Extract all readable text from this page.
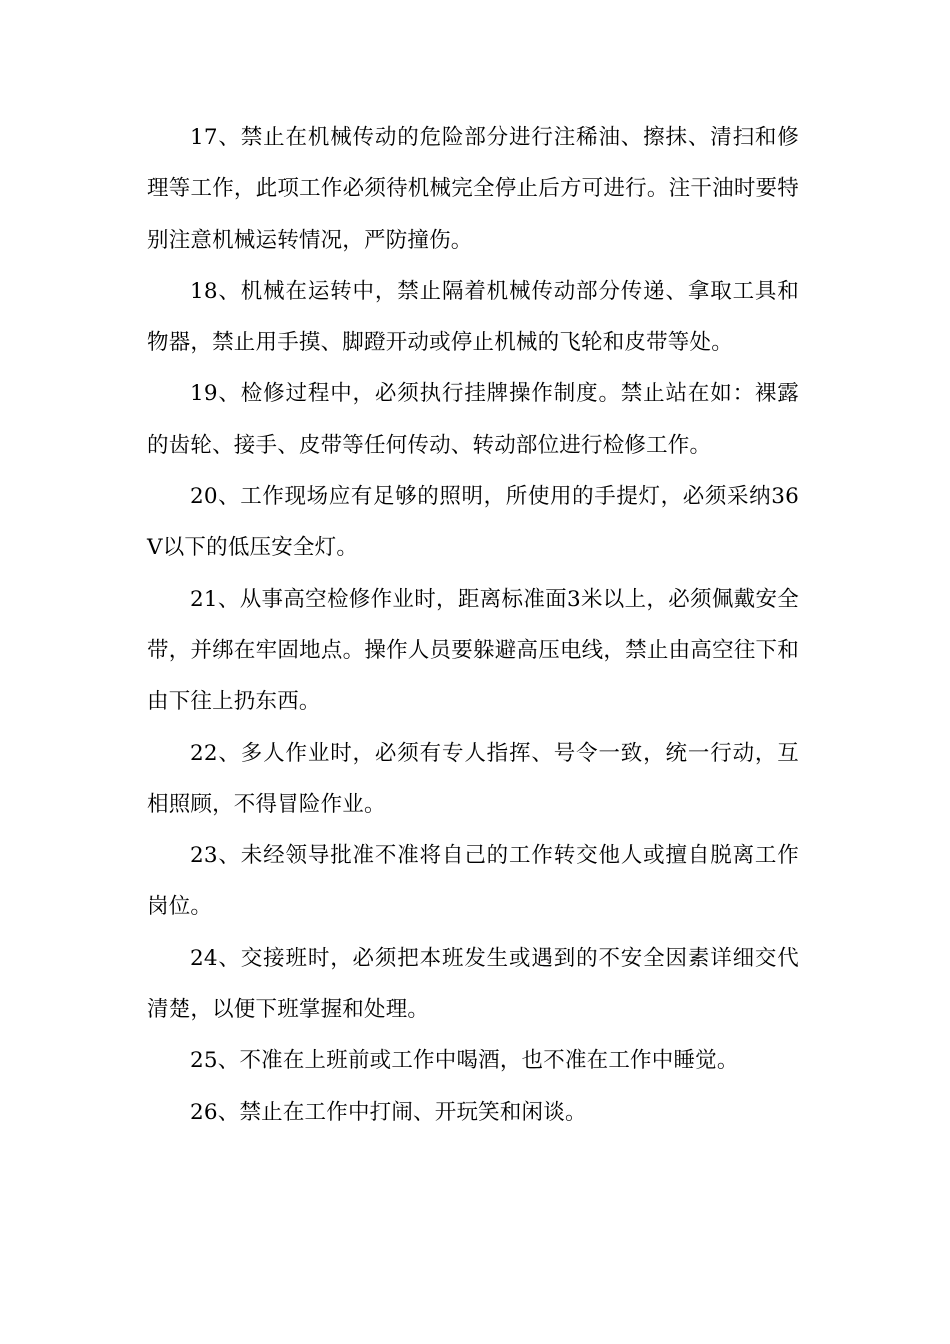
17、禁止在机械传动的危险部分进行注稀油、擦抹、清扫和修理等工作，此项工作必须待机械完全停止后方可进行。注干油时要特别注意机械运转情况，严防撞伤。

18、机械在运转中，禁止隔着机械传动部分传递、拿取工具和物器，禁止用手摸、脚蹬开动或停止机械的飞轮和皮带等处。

19、检修过程中，必须执行挂牌操作制度。禁止站在如：裸露的齿轮、接手、皮带等任何传动、转动部位进行检修工作。

20、工作现场应有足够的照明，所使用的手提灯，必须采纳36V以下的低压安全灯。

21、从事高空检修作业时，距离标准面3米以上，必须佩戴安全带，并绑在牢固地点。操作人员要躲避高压电线，禁止由高空往下和由下往上扔东西。

22、多人作业时，必须有专人指挥、号令一致，统一行动，互相照顾，不得冒险作业。

23、未经领导批准不准将自己的工作转交他人或擅自脱离工作岗位。

24、交接班时，必须把本班发生或遇到的不安全因素详细交代清楚，以便下班掌握和处理。

25、不准在上班前或工作中喝酒，也不准在工作中睡觉。

26、禁止在工作中打闹、开玩笑和闲谈。
